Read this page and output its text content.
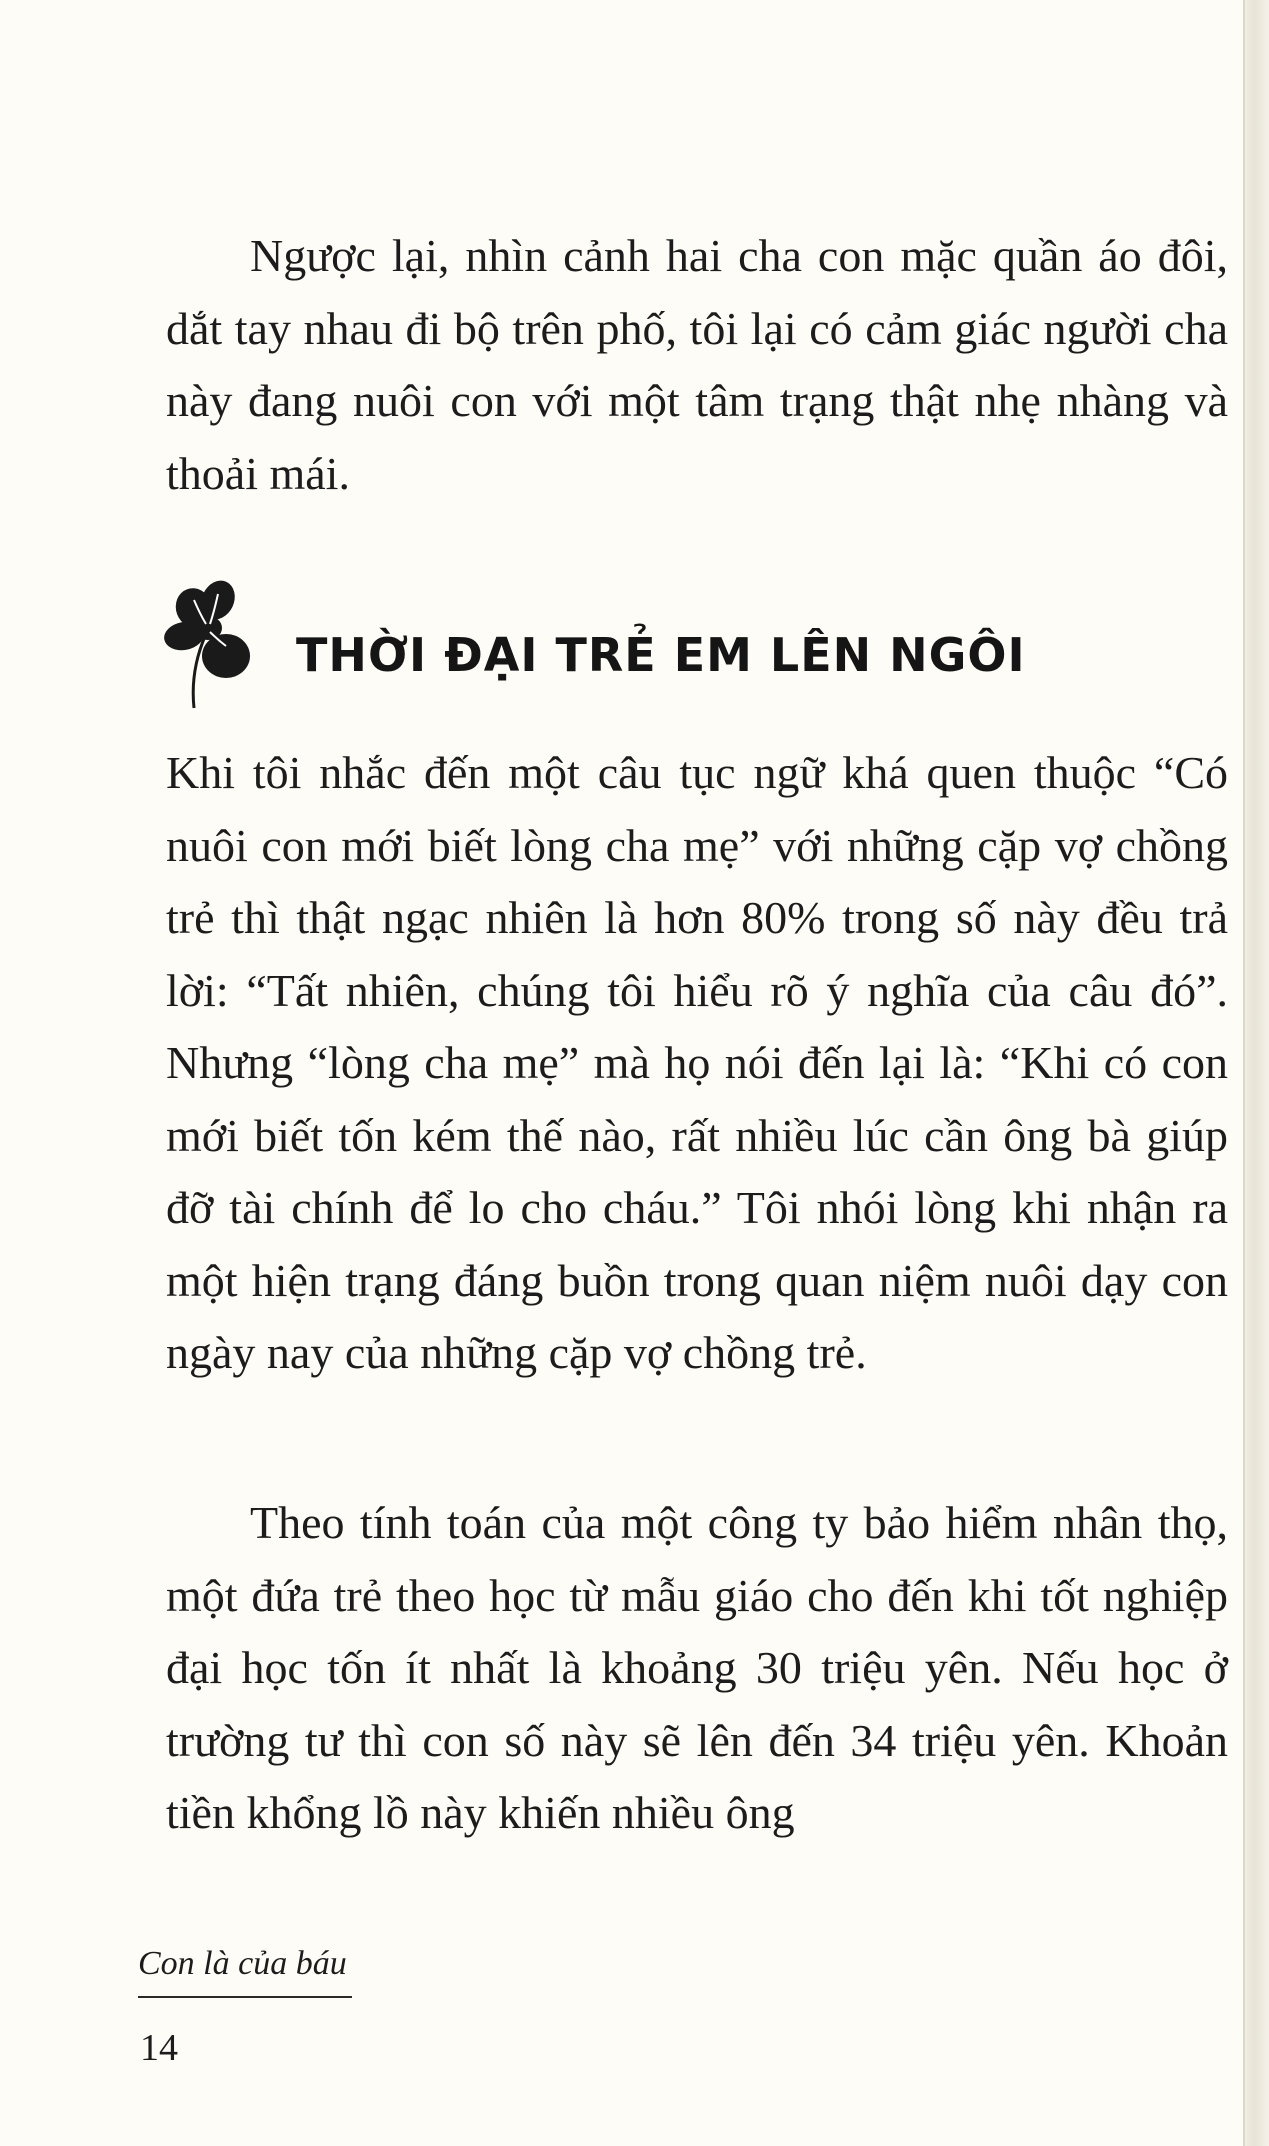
Ngược lại, nhìn cảnh hai cha con mặc quần áo đôi, dắt tay nhau đi bộ trên phố, tôi lại có cảm giác người cha này đang nuôi con với một tâm trạng thật nhẹ nhàng và thoải mái.

THỜI ĐẠI TRẺ EM LÊN NGÔI

Khi tôi nhắc đến một câu tục ngữ khá quen thuộc “Có nuôi con mới biết lòng cha mẹ” với những cặp vợ chồng trẻ thì thật ngạc nhiên là hơn 80% trong số này đều trả lời: “Tất nhiên, chúng tôi hiểu rõ ý nghĩa của câu đó”. Nhưng “lòng cha mẹ” mà họ nói đến lại là: “Khi có con mới biết tốn kém thế nào, rất nhiều lúc cần ông bà giúp đỡ tài chính để lo cho cháu.” Tôi nhói lòng khi nhận ra một hiện trạng đáng buồn trong quan niệm nuôi dạy con ngày nay của những cặp vợ chồng trẻ.

Theo tính toán của một công ty bảo hiểm nhân thọ, một đứa trẻ theo học từ mẫu giáo cho đến khi tốt nghiệp đại học tốn ít nhất là khoảng 30 triệu yên. Nếu học ở trường tư thì con số này sẽ lên đến 34 triệu yên. Khoản tiền khổng lồ này khiến nhiều ông

Con là của báu
14
